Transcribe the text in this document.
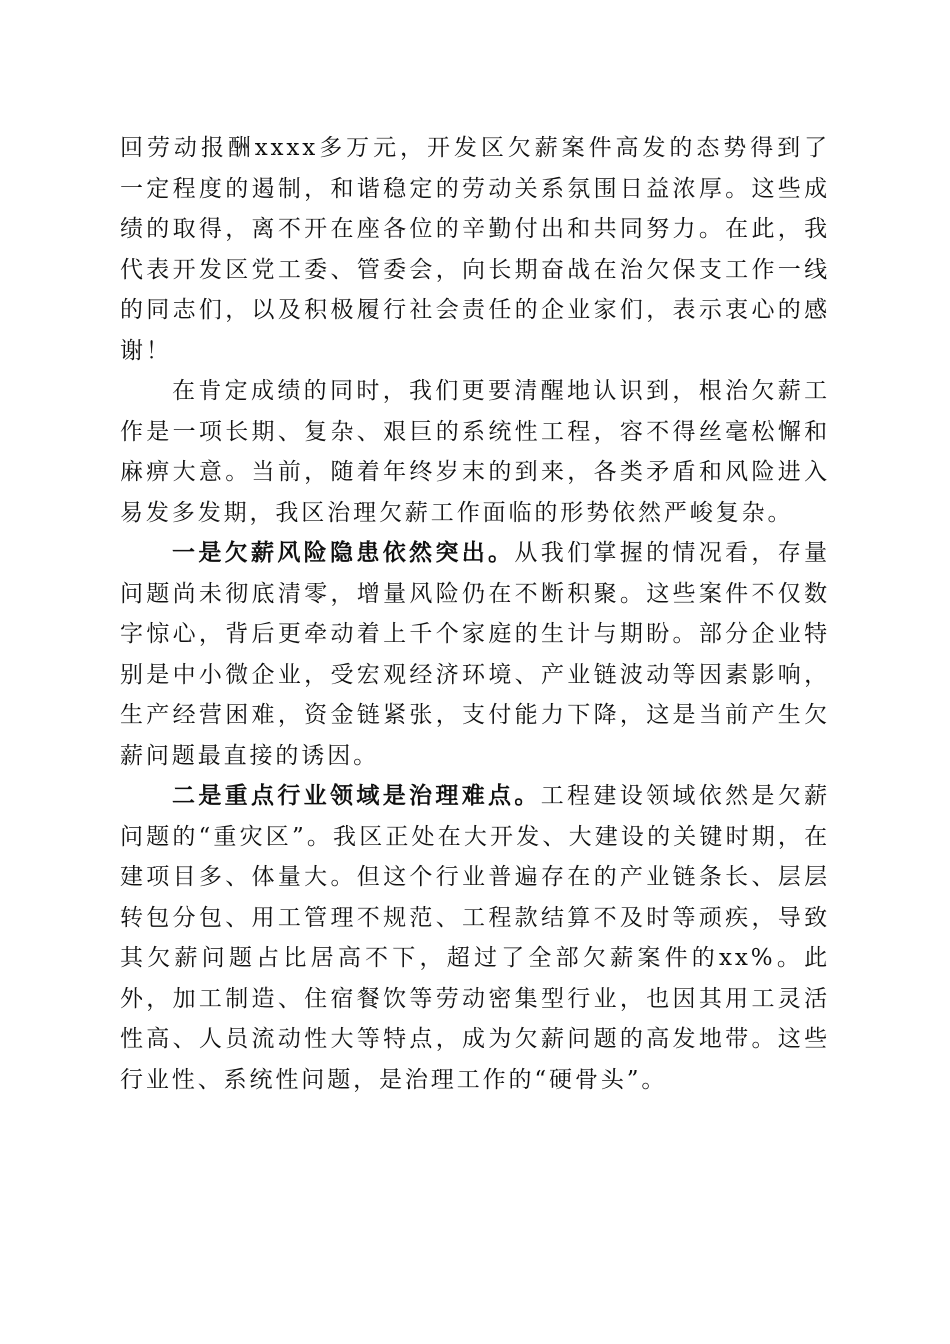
回劳动报酬xxxx多万元，开发区欠薪案件高发的态势得到了一定程度的遏制，和谐稳定的劳动关系氛围日益浓厚。这些成绩的取得，离不开在座各位的辛勤付出和共同努力。在此，我代表开发区党工委、管委会，向长期奋战在治欠保支工作一线的同志们，以及积极履行社会责任的企业家们，表示衷心的感谢！

在肯定成绩的同时，我们更要清醒地认识到，根治欠薪工作是一项长期、复杂、艰巨的系统性工程，容不得丝毫松懈和麻痹大意。当前，随着年终岁末的到来，各类矛盾和风险进入易发多发期，我区治理欠薪工作面临的形势依然严峻复杂。

一是欠薪风险隐患依然突出。从我们掌握的情况看，存量问题尚未彻底清零，增量风险仍在不断积聚。这些案件不仅数字惊心，背后更牵动着上千个家庭的生计与期盼。部分企业特别是中小微企业，受宏观经济环境、产业链波动等因素影响，生产经营困难，资金链紧张，支付能力下降，这是当前产生欠薪问题最直接的诱因。

二是重点行业领域是治理难点。工程建设领域依然是欠薪问题的“重灾区”。我区正处在大开发、大建设的关键时期，在建项目多、体量大。但这个行业普遍存在的产业链条长、层层转包分包、用工管理不规范、工程款结算不及时等顽疾，导致其欠薪问题占比居高不下，超过了全部欠薪案件的xx%。此外，加工制造、住宿餐饮等劳动密集型行业，也因其用工灵活性高、人员流动性大等特点，成为欠薪问题的高发地带。这些行业性、系统性问题，是治理工作的“硬骨头”。
